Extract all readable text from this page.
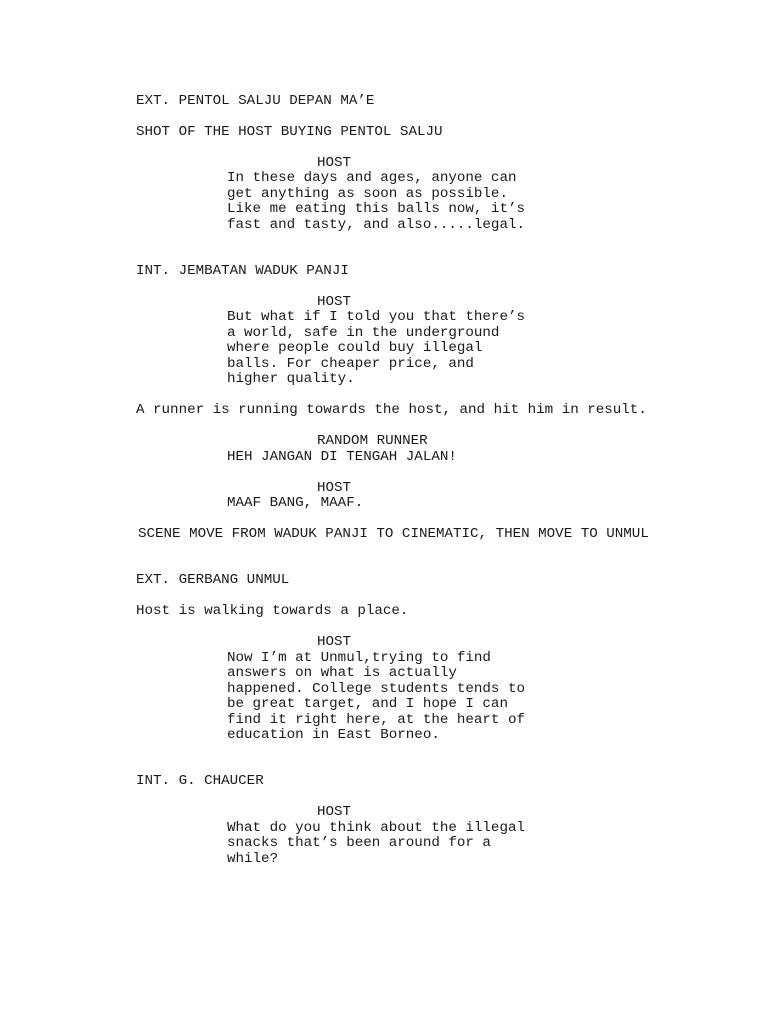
EXT. PENTOL SALJU DEPAN MA’E
SHOT OF THE HOST BUYING PENTOL SALJU
HOST
In these days and ages, anyone can
get anything as soon as possible.
Like me eating this balls now, it’s
fast and tasty, and also.....legal.
INT. JEMBATAN WADUK PANJI
HOST
But what if I told you that there’s
a world, safe in the underground
where people could buy illegal
balls. For cheaper price, and
higher quality.
A runner is running towards the host, and hit him in result.
RANDOM RUNNER
HEH JANGAN DI TENGAH JALAN!
HOST
MAAF BANG, MAAF.
SCENE MOVE FROM WADUK PANJI TO CINEMATIC, THEN MOVE TO UNMUL
EXT. GERBANG UNMUL
Host is walking towards a place.
HOST
Now I’m at Unmul,trying to find
answers on what is actually
happened. College students tends to
be great target, and I hope I can
find it right here, at the heart of
education in East Borneo.
INT. G. CHAUCER
HOST
What do you think about the illegal
snacks that’s been around for a
while?
